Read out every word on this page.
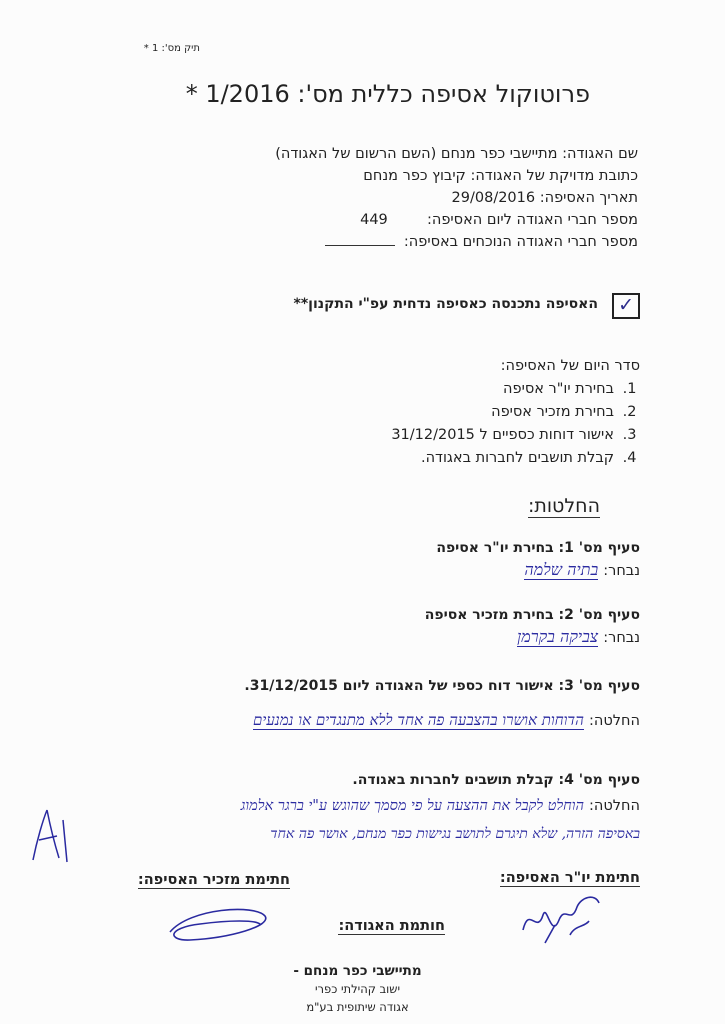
תיק מס': 1 *
פרוטוקול אסיפה כללית מס': 1/2016 *
שם האגודה: מתיישבי כפר מנחם (השם הרשום של האגודה)
כתובת מדויקת של האגודה: קיבוץ כפר מנחם
תאריך האסיפה: 29/08/2016
מספר חברי האגודה ליום האסיפה:  449
מספר חברי האגודה הנוכחים באסיפה:
✓
האסיפה נתכנסה כאסיפה נדחית עפ"י התקנון**
סדר היום של האסיפה:
1. בחירת יו"ר אסיפה
2. בחירת מזכיר אסיפה
3. אישור דוחות כספיים ל 31/12/2015
4. קבלת תושבים לחברות באגודה.
החלטות:
סעיף מס' 1: בחירת יו"ר אסיפה
נבחר: בתיה שלמה
סעיף מס' 2: בחירת מזכיר אסיפה
נבחר: צביקה בקרמן
סעיף מס' 3: אישור דוח כספי של האגודה ליום 31/12/2015.
החלטה: הדוחות אושרו בהצבעה פה אחד ללא מתנגדים או נמנעים
סעיף מס' 4: קבלת תושבים לחברות באגודה.
החלטה: הוחלט לקבל את ההצעה על פי מסמך שהוגש ע"י ברגר אלמוג
באסיפה הזרה, שלא תיגרם לתושב נגישות כפר מנחם, אושר פה אחד
חתימת יו"ר האסיפה:
חתימת מזכיר האסיפה:
חותמת האגודה:
מתיישבי כפר מנחם -
ישוב קהילתי כפרי
אגודה שיתופית בע"מ
